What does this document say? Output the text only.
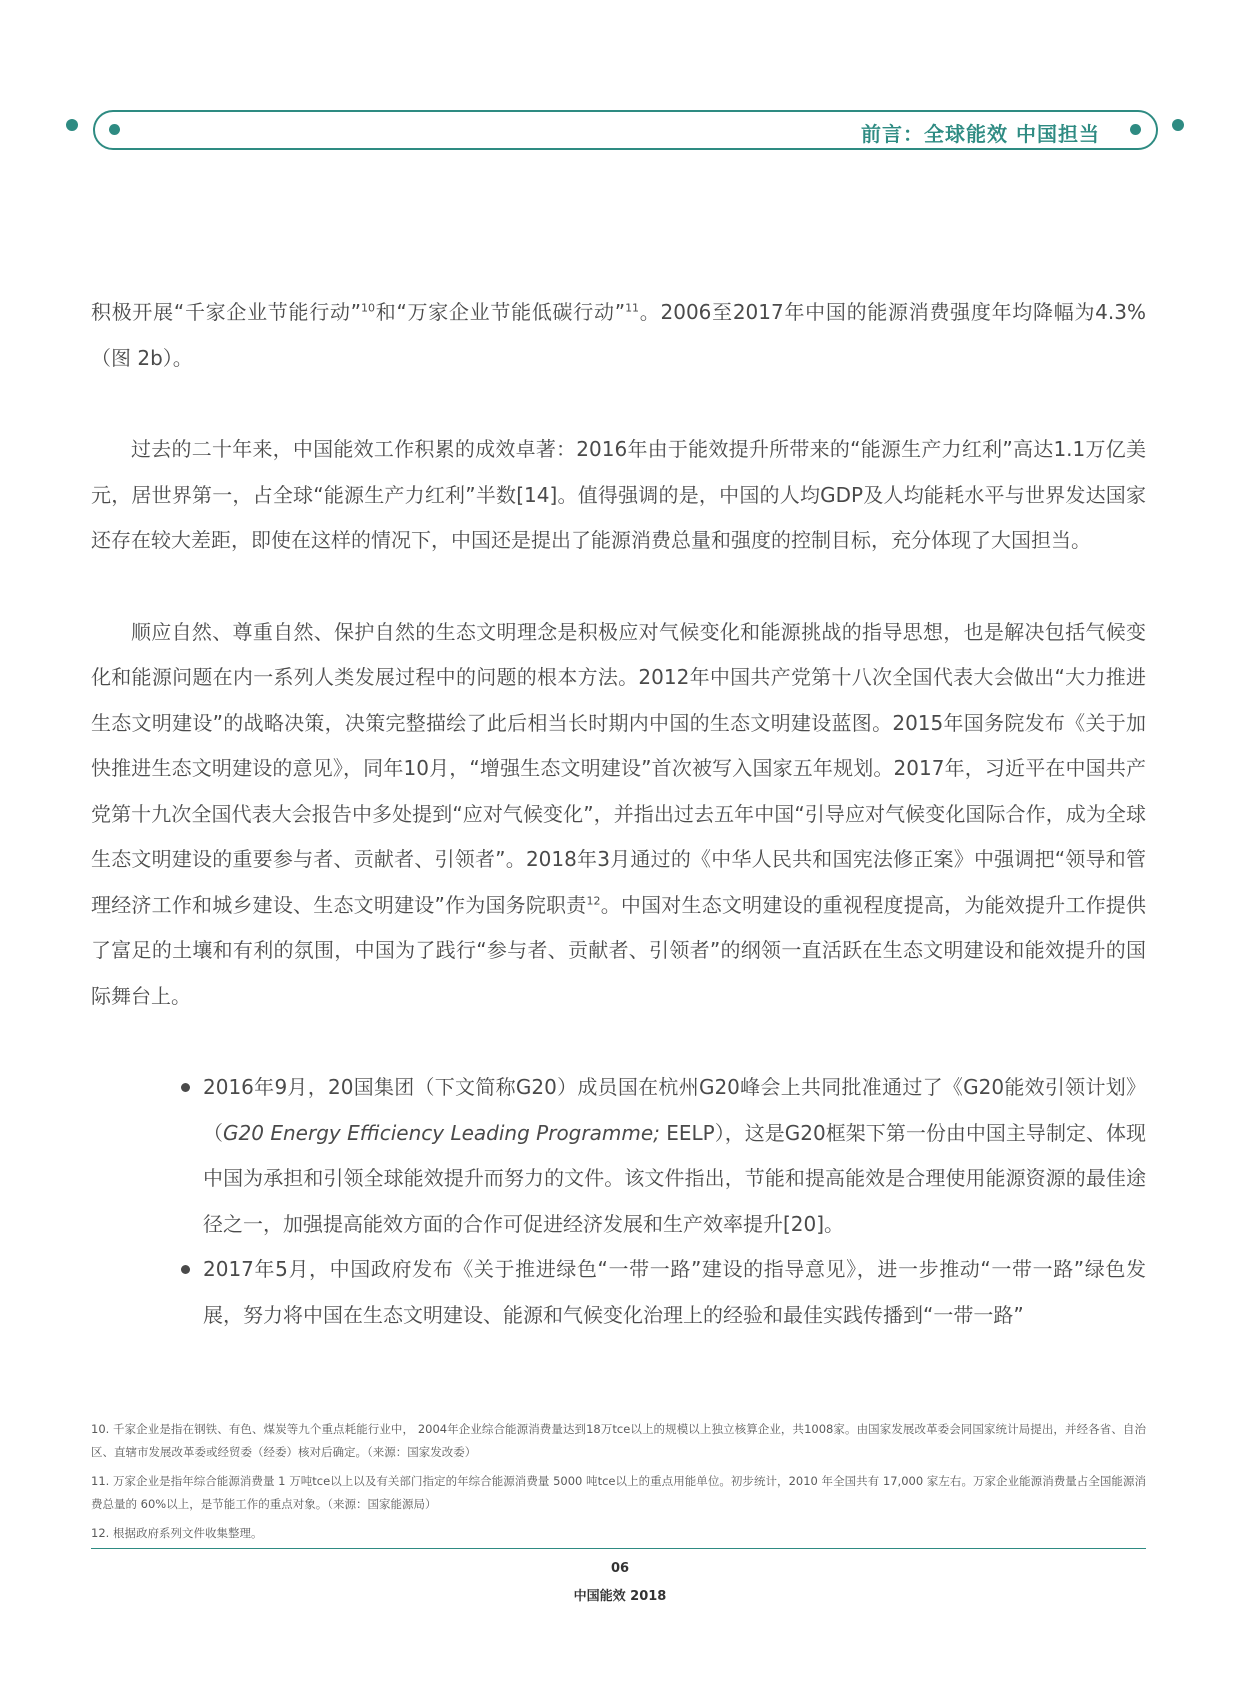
前言：全球能效 中国担当

积极开展“千家企业节能行动”$^{10}$和“万家企业节能低碳行动”$^{11}$。2006至2017年中国的能源消费强度年均降幅为4.3%（图 2b）。

过去的二十年来，中国能效工作积累的成效卓著：2016年由于能效提升所带来的“能源生产力红利”高达1.1万亿美元，居世界第一，占全球“能源生产力红利”半数[14]。值得强调的是，中国的人均GDP及人均能耗水平与世界发达国家还存在较大差距，即使在这样的情况下，中国还是提出了能源消费总量和强度的控制目标，充分体现了大国担当。

顺应自然、尊重自然、保护自然的生态文明理念是积极应对气候变化和能源挑战的指导思想，也是解决包括气候变化和能源问题在内一系列人类发展过程中的问题的根本方法。2012年中国共产党第十八次全国代表大会做出“大力推进生态文明建设”的战略决策，决策完整描绘了此后相当长时期内中国的生态文明建设蓝图。2015年国务院发布《关于加快推进生态文明建设的意见》，同年10月，“增强生态文明建设”首次被写入国家五年规划。2017年，习近平在中国共产党第十九次全国代表大会报告中多处提到“应对气候变化”，并指出过去五年中国“引导应对气候变化国际合作，成为全球生态文明建设的重要参与者、贡献者、引领者”。2018年3月通过的《中华人民共和国宪法修正案》中强调把“领导和管理经济工作和城乡建设、生态文明建设”作为国务院职责$^{12}$。中国对生态文明建设的重视程度提高，为能效提升工作提供了富足的土壤和有利的氛围，中国为了践行“参与者、贡献者、引领者”的纲领一直活跃在生态文明建设和能效提升的国际舞台上。

2016年9月，20国集团（下文简称G20）成员国在杭州G20峰会上共同批准通过了《G20能效引领计划》（G20 Energy Efficiency Leading Programme; EELP），这是G20框架下第一份由中国主导制定、体现中国为承担和引领全球能效提升而努力的文件。该文件指出，节能和提高能效是合理使用能源资源的最佳途径之一，加强提高能效方面的合作可促进经济发展和生产效率提升[20]。
2017年5月，中国政府发布《关于推进绿色“一带一路”建设的指导意见》，进一步推动“一带一路”绿色发展，努力将中国在生态文明建设、能源和气候变化治理上的经验和最佳实践传播到“一带一路”

10. 千家企业是指在钢铁、有色、煤炭等九个重点耗能行业中， 2004年企业综合能源消费量达到18万tce以上的规模以上独立核算企业，共1008家。由国家发展改革委会同国家统计局提出，并经各省、自治区、直辖市发展改革委或经贸委（经委）核对后确定。（来源：国家发改委）

11. 万家企业是指年综合能源消费量 1 万吨tce以上以及有关部门指定的年综合能源消费量 5000 吨tce以上的重点用能单位。初步统计，2010 年全国共有 17,000 家左右。万家企业能源消费量占全国能源消费总量的 60%以上，是节能工作的重点对象。（来源：国家能源局）

12. 根据政府系列文件收集整理。

06
中国能效 2018
